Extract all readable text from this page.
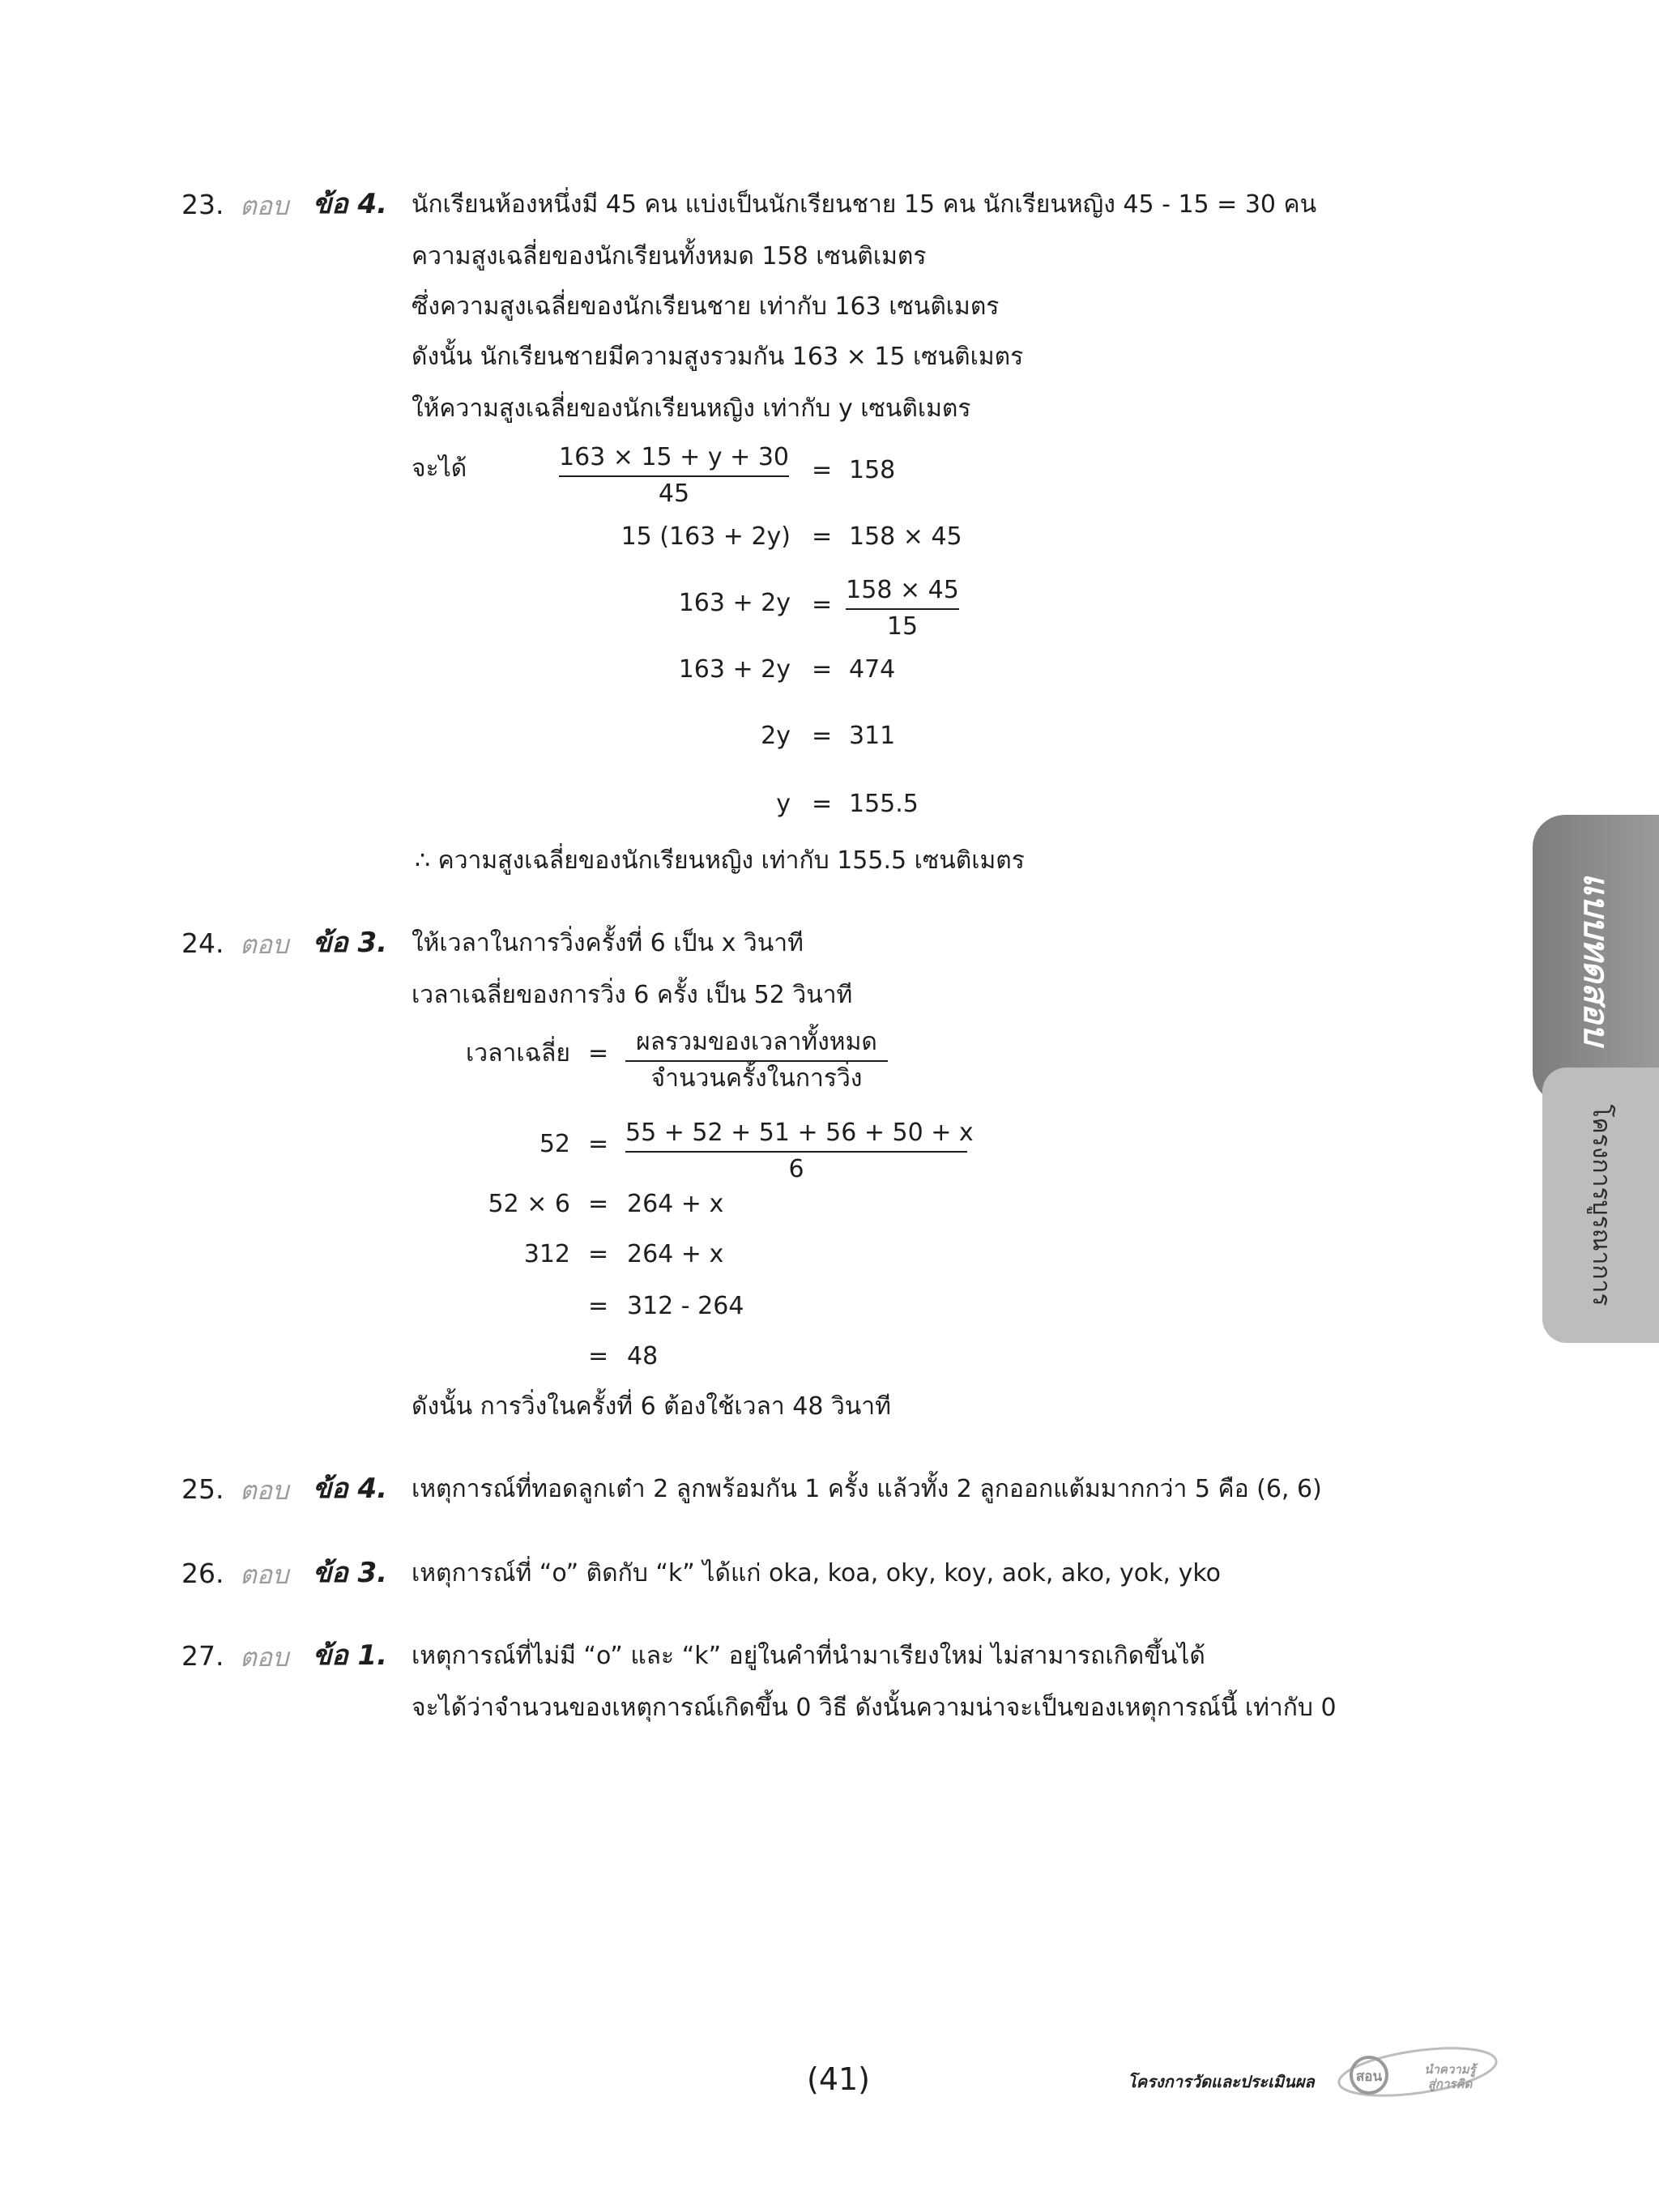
23. ตอบ ข้อ 4. นักเรียนห้องหนึ่งมี 45 คน แบ่งเป็นนักเรียนชาย 15 คน นักเรียนหญิง 45 - 15 = 30 คน
ความสูงเฉลี่ยของนักเรียนทั้งหมด 158 เซนติเมตร
ซึ่งความสูงเฉลี่ยของนักเรียนชาย เท่ากับ 163 เซนติเมตร
ดังนั้น นักเรียนชายมีความสูงรวมกัน 163 × 15 เซนติเมตร
ให้ความสูงเฉลี่ยของนักเรียนหญิง เท่ากับ y เซนติเมตร
จะได้	$\frac{163 \times 15 + y + 30}{45} = 158$
15 (163 + 2y) = 158 × 45
$163 + 2y = \frac{158 \times 45}{15}$
163 + 2y = 474
2y = 311
y = 155.5
∴ ความสูงเฉลี่ยของนักเรียนหญิง เท่ากับ 155.5 เซนติเมตร
24. ตอบ ข้อ 3. ให้เวลาในการวิ่งครั้งที่ 6 เป็น x วินาที
เวลาเฉลี่ยของการวิ่ง 6 ครั้ง เป็น 52 วินาที
เวลาเฉลี่ย =	ผลรวมของเวลาทั้งหมด
จำนวนครั้งในการวิ่ง
$52 = \frac{55 + 52 + 51 + 56 + 50 + x}{6}$
52 × 6 = 264 + x
312 = 264 + x
= 312 - 264
= 48
ดังนั้น การวิ่งในครั้งที่ 6 ต้องใช้เวลา 48 วินาที
25. ตอบ ข้อ 4. เหตุการณ์ที่ทอดลูกเต๋า 2 ลูกพร้อมกัน 1 ครั้ง แล้วทั้ง 2 ลูกออกแต้มมากกว่า 5 คือ (6, 6)
26. ตอบ ข้อ 3. เหตุการณ์ที่ “o” ติดกับ “k” ได้แก่ oka, koa, oky, koy, aok, ako, yok, yko
27. ตอบ ข้อ 1. เหตุการณ์ที่ไม่มี “o” และ “k” อยู่ในคำที่นำมาเรียงใหม่ ไม่สามารถเกิดขึ้นได้
จะได้ว่าจำนวนของเหตุการณ์เกิดขึ้น 0 วิธี ดังนั้นความน่าจะเป็นของเหตุการณ์นี้ เท่ากับ 0
แบบทดสอบ
โครงการบูรณาการ
(41)	โครงการวัดและประเมินผล	สอน	นำความรู้
สู่การคิด
